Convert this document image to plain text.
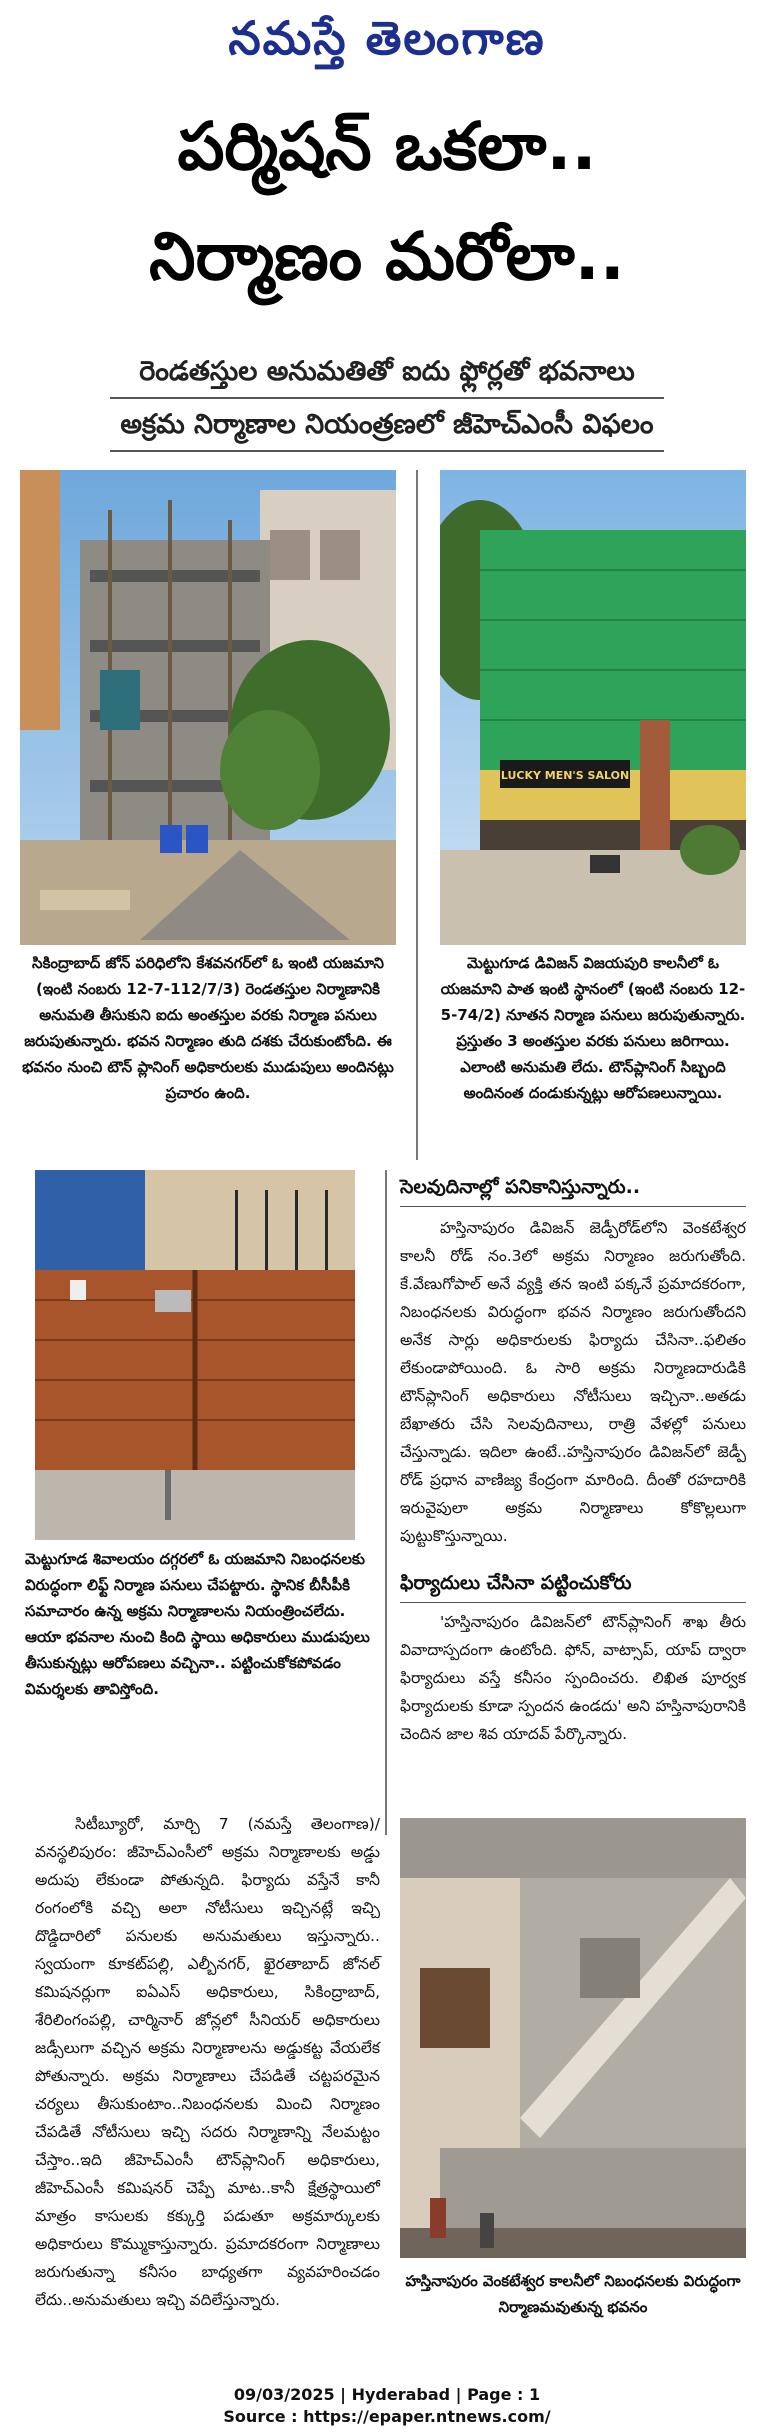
నమస్తే తెలంగాణ
పర్మిషన్ ఒకలా..
నిర్మాణం మరోలా..
రెండతస్తుల అనుమతితో ఐదు ఫ్లోర్లతో భవనాలు
అక్రమ నిర్మాణాల నియంత్రణలో జీహెచ్ఎంసీ విఫలం
LUCKY MEN'S SALON
సికింద్రాబాద్ జోన్ పరిధిలోని కేశవనగర్‌లో ఓ ఇంటి యజమాని (ఇంటి నంబరు 12-7-112/7/3) రెండతస్తుల నిర్మాణానికి అనుమతి తీసుకుని ఐదు అంతస్తుల వరకు నిర్మాణ పనులు జరుపుతున్నారు. భవన నిర్మాణం తుది దశకు చేరుకుంటోంది. ఈ భవనం నుంచి టౌన్ ప్లానింగ్ అధికారులకు ముడుపులు అందినట్లు ప్రచారం ఉంది.
మెట్టుగూడ డివిజన్ విజయపురి కాలనీలో ఓ యజమాని పాత ఇంటి స్థానంలో (ఇంటి నంబరు 12-5-74/2) నూతన నిర్మాణ పనులు జరుపుతున్నారు. ప్రస్తుతం 3 అంతస్తుల వరకు పనులు జరిగాయి. ఎలాంటి అనుమతి లేదు. టౌన్‌ప్లానింగ్ సిబ్బంది అందినంత దండుకున్నట్లు ఆరోపణలున్నాయి.
మెట్టుగూడ శివాలయం దగ్గరలో ఓ యజమాని నిబంధనలకు విరుద్ధంగా లిఫ్ట్ నిర్మాణ పనులు చేపట్టారు. స్థానిక బీసీపీకి సమాచారం ఉన్న అక్రమ నిర్మాణాలను నియంత్రించలేదు. ఆయా భవనాల నుంచి కింది స్థాయి అధికారులు ముడుపులు తీసుకున్నట్లు ఆరోపణలు వచ్చినా.. పట్టించుకోకపోవడం విమర్శలకు తావిస్తోంది.
సెలవుదినాల్లో పనికానిస్తున్నారు..

హస్తినాపురం డివిజన్ జెడ్పీరోడ్‌లోని వెంకటేశ్వర కాలనీ రోడ్ నం.3లో అక్రమ నిర్మాణం జరుగుతోంది. కే.వేణుగోపాల్ అనే వ్యక్తి తన ఇంటి పక్కనే ప్రమాదకరంగా, నిబంధనలకు విరుద్ధంగా భవన నిర్మాణం జరుగుతోందని అనేక సార్లు అధికారులకు ఫిర్యాదు చేసినా..ఫలితం లేకుండాపోయింది. ఓ సారి అక్రమ నిర్మాణదారుడికి టౌన్‌ప్లానింగ్ అధికారులు నోటీసులు ఇచ్చినా..అతడు బేఖాతరు చేసి సెలవుదినాలు, రాత్రి వేళల్లో పనులు చేస్తున్నాడు. ఇదిలా ఉంటే..హస్తినాపురం డివిజన్‌లో జెడ్పీ రోడ్ ప్రధాన వాణిజ్య కేంద్రంగా మారింది. దీంతో రహదారికి ఇరువైపులా అక్రమ నిర్మాణాలు కోకొల్లలుగా పుట్టుకొస్తున్నాయి.

ఫిర్యాదులు చేసినా పట్టించుకోరు

'హస్తినాపురం డివిజన్‌లో టౌన్‌ప్లానింగ్ శాఖ తీరు వివాదాస్పదంగా ఉంటోంది. ఫోన్, వాట్సాప్, యాప్ ద్వారా ఫిర్యాదులు వస్తే కనీసం స్పందించరు. లిఖిత పూర్వక ఫిర్యాదులకు కూడా స్పందన ఉండదు' అని హస్తినాపురానికి చెందిన జాల శివ యాదవ్ పేర్కొన్నారు.

హస్తినాపురం వెంకటేశ్వర కాలనీలో నిబంధనలకు విరుద్ధంగా నిర్మాణమవుతున్న భవనం

సిటీబ్యూరో, మార్చి 7 (నమస్తే తెలంగాణ)/వనస్థలిపురం: జీహెచ్ఎంసీలో అక్రమ నిర్మాణాలకు అడ్డు అదుపు లేకుండా పోతున్నది. ఫిర్యాదు వస్తేనే కానీ రంగంలోకి వచ్చి అలా నోటీసులు ఇచ్చినట్లే ఇచ్చి దొడ్డిదారిలో పనులకు అనుమతులు ఇస్తున్నారు.. స్వయంగా కూకట్‌పల్లి, ఎల్బీనగర్, ఖైరతాబాద్ జోనల్ కమిషనర్లుగా ఐఏఎస్ అధికారులు, సికింద్రాబాద్, శేరిలింగంపల్లి, చార్మినార్ జోన్లలో సీనియర్ అధికారులు జడ్సీలుగా వచ్చిన అక్రమ నిర్మాణాలను అడ్డుకట్ట వేయలేక పోతున్నారు. అక్రమ నిర్మాణాలు చేపడితే చట్టపరమైన చర్యలు తీసుకుంటాం..నిబంధనలకు మించి నిర్మాణం చేపడితే నోటీసులు ఇచ్చి సదరు నిర్మాణాన్ని నేలమట్టం చేస్తాం..ఇది జీహెచ్ఎంసీ టౌన్‌ప్లానింగ్ అధికారులు, జీహెచ్ఎంసీ కమిషనర్ చెప్పే మాట..కానీ క్షేత్రస్థాయిలో మాత్రం కాసులకు కక్కుర్తి పడుతూ అక్రమార్కులకు అధికారులు కొమ్ముకాస్తున్నారు. ప్రమాదకరంగా నిర్మాణాలు జరుగుతున్నా కనీసం బాధ్యతగా వ్యవహరించడం లేదు..అనుమతులు ఇచ్చి వదిలేస్తున్నారు.

09/03/2025 | Hyderabad | Page : 1
Source : https://epaper.ntnews.com/
